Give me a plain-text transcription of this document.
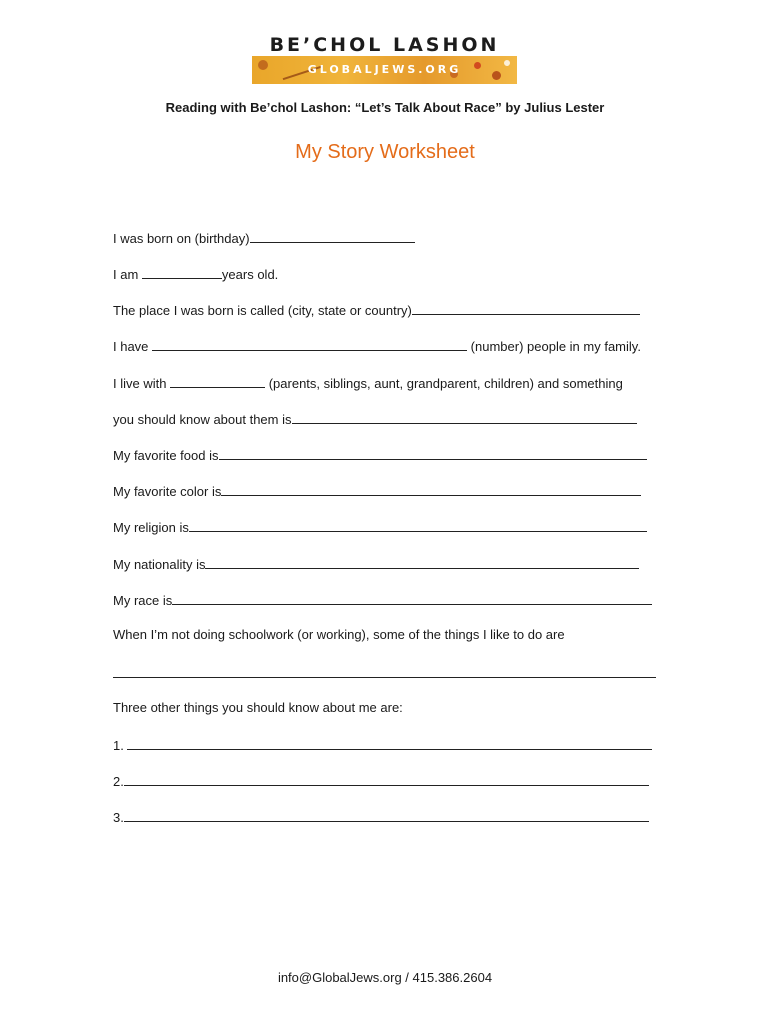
BE’CHOL LASHON
GLOBALJEWS.ORG
Reading with Be’chol Lashon: “Let’s Talk About Race” by Julius Lester
My Story Worksheet
I was born on (birthday)
I am	years old.
The place I was born is called (city, state or country)
I have	(number) people in my family.
I live with	(parents, siblings, aunt, grandparent, children) and something
you should know about them is
My favorite food is
My favorite color is
My religion is
My nationality is
My race is
When I’m not doing schoolwork (or working), some of the things I like to do are
Three other things you should know about me are:
1.
2.
3.
info@GlobalJews.org / 415.386.2604
